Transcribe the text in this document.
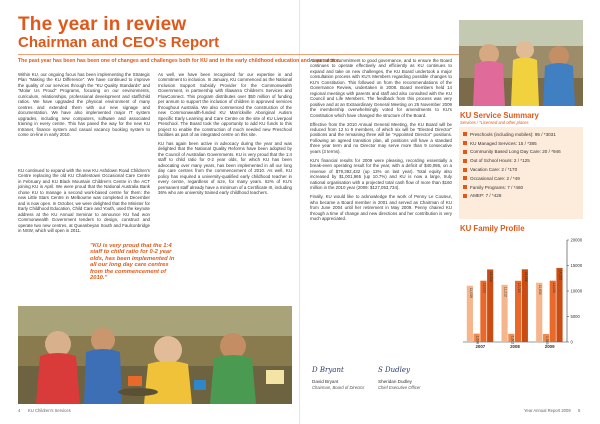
The year in review
Chairman and CEO's Report
The past year has been has been one of changes and challenges both for KU and in the early childhood education and care sector.

Within KU, our ongoing focus has been implementing the Strategic Plan "Making the KU Difference". We have continued to improve the quality of our services through the "KU Quality Standards" and "Molar Us Proud" Programs, focusing on our environments, curriculum, relationships, professional development and staff/child ratios. We have upgraded the physical environment of many centres and extended them with our new signage and documentation. We have also implemented major IT system upgrades, including new computers, software and associated training in every centre. This has paved the way for the new KU Intranet, finance system and casual vacancy booking system to come on-line in early 2010.

KU continued to expand with the new KU Ashdown Road Children's Centre replacing the old KU Charlestown Occasional Care Centre in February and KU Black Mountain Children's Centre in the ACT joining KU in April. We were proud that the National Australia Bank chose KU to manage a second work-based centre for them: the new Little Stars Centre in Melbourne was completed in December and is now open. In October, we were delighted that the Minister for Early Childhood Education, Child Care and Youth, used the keynote address at the KU Annual Seminar to announce KU had won Commonwealth Government tenders to design, construct and operate two new centres, at Queanbeyan South and Faulconbridge in NSW, which will open in 2011.

As well, we have been recognised for our expertise in and commitment to inclusion. In January, KU commenced as the National Inclusion Support Subsidy Provider for the Commonwealth Government, in partnership with Illawarra Children's Services and FlowConnect. This program distributes over $50 million of funding per annum to support the inclusion of children in approved services throughout Australia. We also commenced the construction of the new Commonwealth-funded KU Marrickville Aboriginal Autism Specific Early Learning and Care Centre on the site of KU Liverpool Preschool. The Board took the opportunity to add KU funds to this project to enable the construction of much needed new Preschool facilities as part of an integrated centre on this site.

KU has again been active in advocacy during the year and was delighted that the National Quality Reforms have been adopted by the Council of Australian Governments. KU is very proud that the 1:4 staff to child ratio for 0-2 year olds, for which KU has been advocating over many years, has been implemented in all our long day care centres from the commencement of 2010. As well, KU policy has required a university-qualified early childhood teacher in every centre, regardless of size, for many years. 62% of KU's permanent staff already have a minimum of a Certificate III, including 36% who are university trained early childhood teachers.

"KU is very proud that the 1:4 staff to child ratio for 0-2 year olds, has been implemented in all our long day care centres from the commencement of 2010."

As part of its commitment to good governance, and to ensure the Board continues to operate effectively and efficiently as KU continues to expand and take on new challenges, the KU Board undertook a major consultation process with KU's Members regarding possible changes to KU's Constitution. This followed on from the recommendations of the Governance Review, undertaken in 2008. Board members held 14 regional meetings with parents and staff and also consulted with the KU Council and Life Members. The feedback from this process was very positive and at an Extraordinary General Meeting on 25 November 2009 the membership overwhelmingly voted for amendments to KU's Constitution which have changed the structure of the Board.

Effective from the 2010 Annual General Meeting, the KU Board will be reduced from 12 to 9 members, of which six will be "Elected Director" positions and the remaining three will be "Appointed Director" positions. Following an agreed transition plan, all positions will have a standard three year term and no Director may serve more than 9 consecutive years (3 terms).

KU's financial results for 2009 were pleasing, recording essentially a break-even operating result for the year, with a deficit of $40,086, on a revenue of $79,392,432 (up 13% on last year). Total equity also increased by $1,001,965 (up 10.7%) and KU is now a large, truly national organisation with a projected total cash flow of more than $160 million in the 2010 year (2009: $127,053,734).

Finally, KU would like to acknowledge the work of Penny Le Couteur, who became a Board member in 2001 and served as Chairman of KU from June 2004 until her retirement in May 2009. Penny chaired KU through a time of change and new directions and her contribution is very much appreciated.

KU Service Summary
Services / *Licensed and other places
Preschools (including mobiles): 95 / *3031
KU Managed Services: 15 / *385
Community Based Long Day Care: 20 / *946
Out of School Hours: 2 / *125
Vacation Care: 2 / *170
Occasional Care: 2 / *49
Family Programs: 7 / *460
AMEP: 7 / *428
KU Family Profile
0
5000
10000
15000
20000
11,039
1,638
12,022
14,228
2007
11,212
1,602
12,000
14,256
2008
11,630
1,565
12,020
14,525
2009
D Bryant
David Bryant
Chairman, Board of Director
S Dudley
Sheridan Dudley
Chief Executive Officer
4 KU Children's Services	Year Annual Report 2009 5
